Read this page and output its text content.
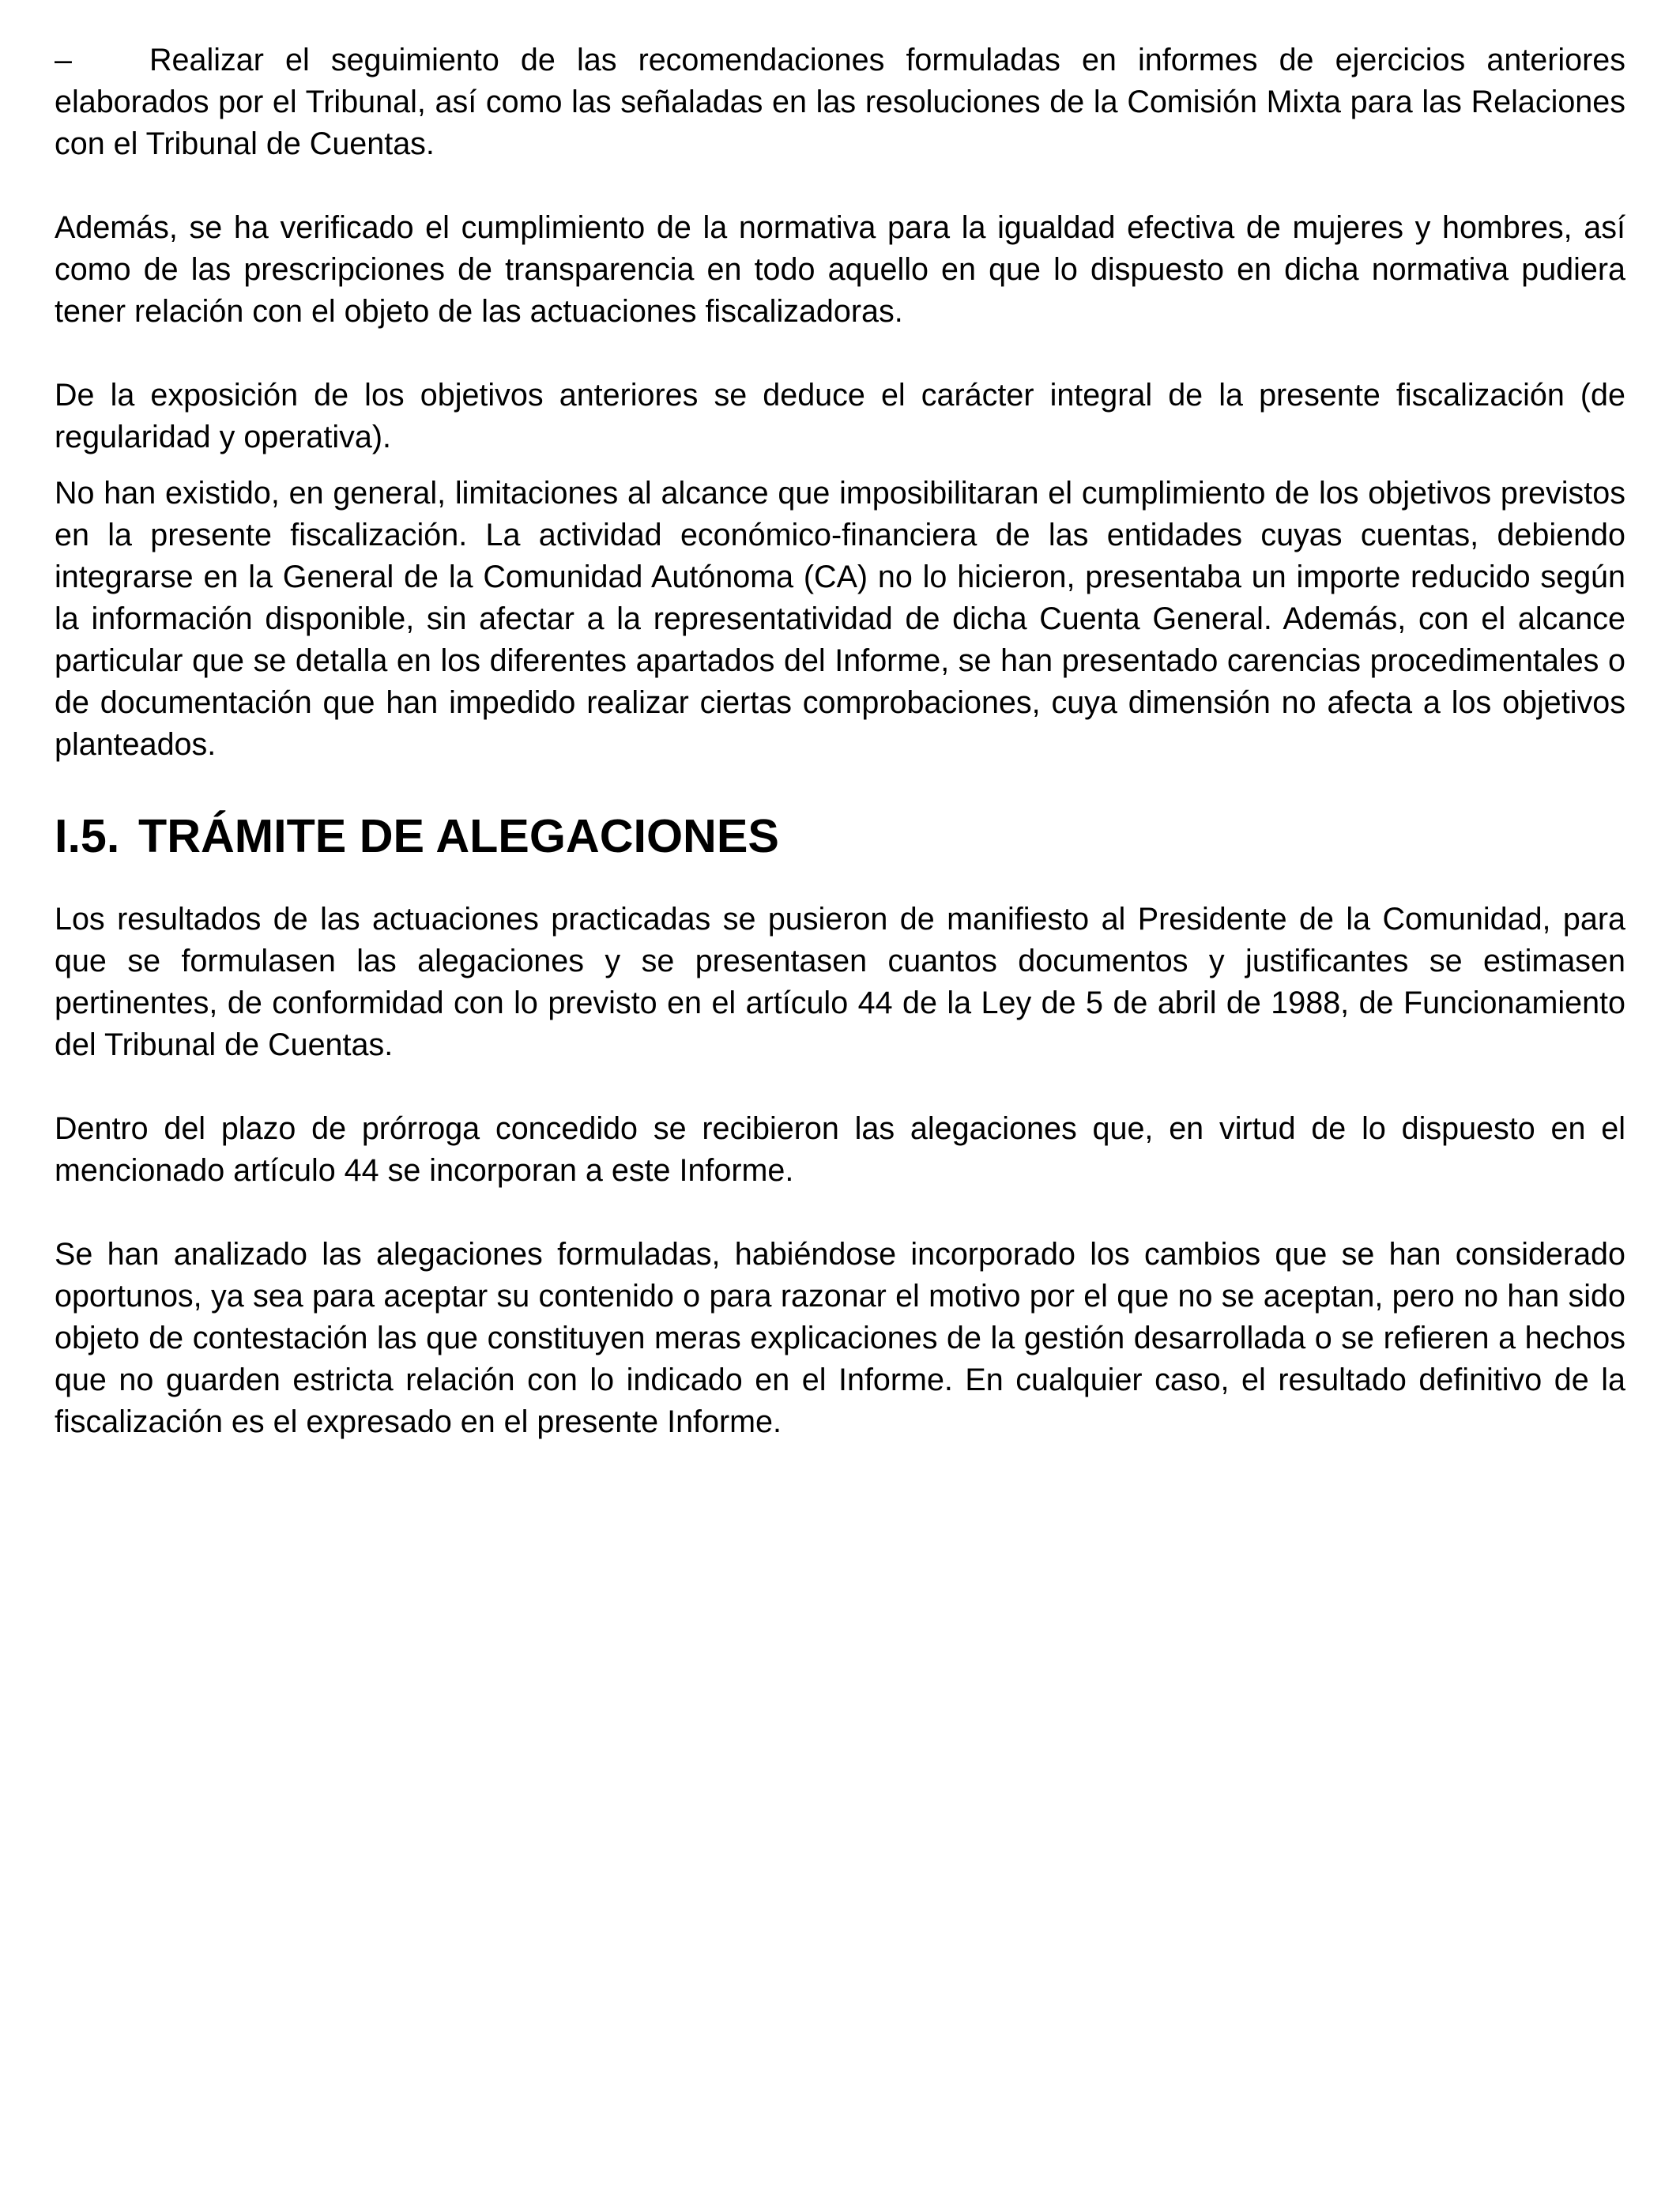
– Realizar el seguimiento de las recomendaciones formuladas en informes de ejercicios anteriores elaborados por el Tribunal, así como las señaladas en las resoluciones de la Comisión Mixta para las Relaciones con el Tribunal de Cuentas.

Además, se ha verificado el cumplimiento de la normativa para la igualdad efectiva de mujeres y hombres, así como de las prescripciones de transparencia en todo aquello en que lo dispuesto en dicha normativa pudiera tener relación con el objeto de las actuaciones fiscalizadoras.

De la exposición de los objetivos anteriores se deduce el carácter integral de la presente fiscalización (de regularidad y operativa).

No han existido, en general, limitaciones al alcance que imposibilitaran el cumplimiento de los objetivos previstos en la presente fiscalización. La actividad económico-financiera de las entidades cuyas cuentas, debiendo integrarse en la General de la Comunidad Autónoma (CA) no lo hicieron, presentaba un importe reducido según la información disponible, sin afectar a la representatividad de dicha Cuenta General. Además, con el alcance particular que se detalla en los diferentes apartados del Informe, se han presentado carencias procedimentales o de documentación que han impedido realizar ciertas comprobaciones, cuya dimensión no afecta a los objetivos planteados.

I.5. TRÁMITE DE ALEGACIONES

Los resultados de las actuaciones practicadas se pusieron de manifiesto al Presidente de la Comunidad, para que se formulasen las alegaciones y se presentasen cuantos documentos y justificantes se estimasen pertinentes, de conformidad con lo previsto en el artículo 44 de la Ley de 5 de abril de 1988, de Funcionamiento del Tribunal de Cuentas.

Dentro del plazo de prórroga concedido se recibieron las alegaciones que, en virtud de lo dispuesto en el mencionado artículo 44 se incorporan a este Informe.

Se han analizado las alegaciones formuladas, habiéndose incorporado los cambios que se han considerado oportunos, ya sea para aceptar su contenido o para razonar el motivo por el que no se aceptan, pero no han sido objeto de contestación las que constituyen meras explicaciones de la gestión desarrollada o se refieren a hechos que no guarden estricta relación con lo indicado en el Informe. En cualquier caso, el resultado definitivo de la fiscalización es el expresado en el presente Informe.
